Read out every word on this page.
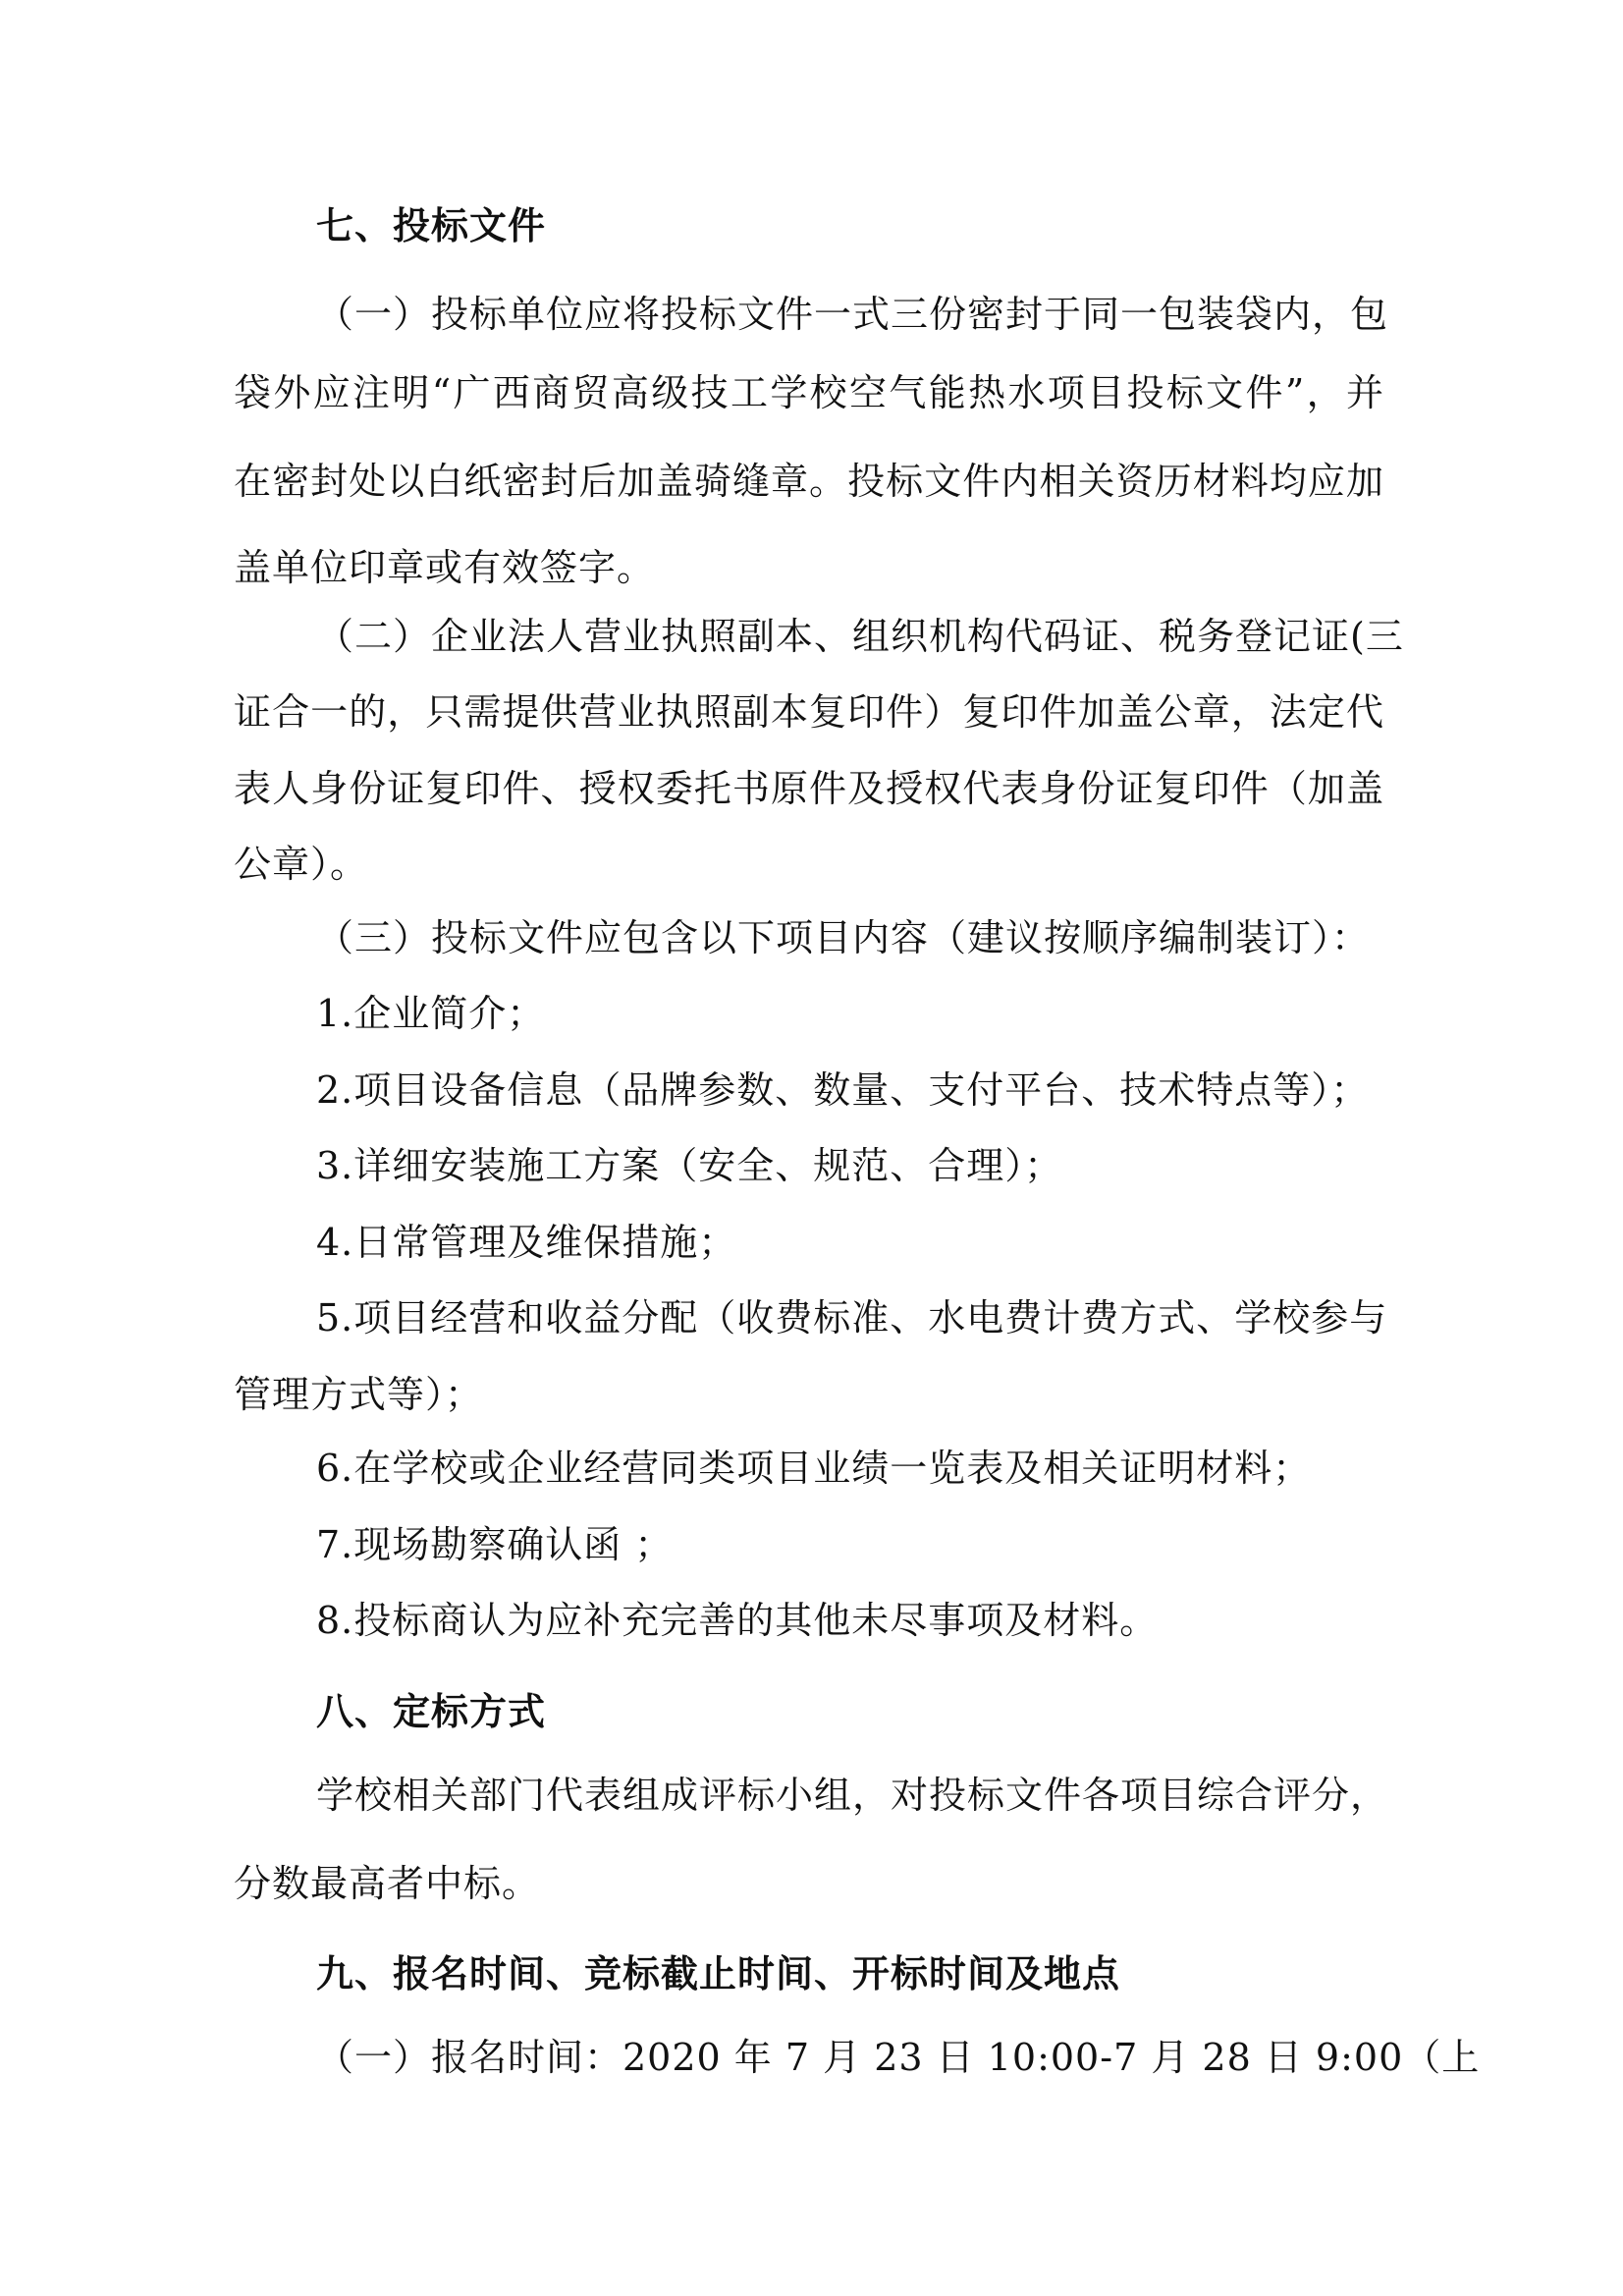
七、投标文件
（一）投标单位应将投标文件一式三份密封于同一包装袋内，包
袋外应注明“广西商贸高级技工学校空气能热水项目投标文件”，并
在密封处以白纸密封后加盖骑缝章。投标文件内相关资历材料均应加
盖单位印章或有效签字。
（二）企业法人营业执照副本、组织机构代码证、税务登记证(三
证合一的，只需提供营业执照副本复印件）复印件加盖公章，法定代
表人身份证复印件、授权委托书原件及授权代表身份证复印件（加盖
公章）。
（三）投标文件应包含以下项目内容（建议按顺序编制装订）：
1.企业简介；
2.项目设备信息（品牌参数、数量、支付平台、技术特点等）；
3.详细安装施工方案（安全、规范、合理）；
4.日常管理及维保措施；
5.项目经营和收益分配（收费标准、水电费计费方式、学校参与
管理方式等）；
6.在学校或企业经营同类项目业绩一览表及相关证明材料；
7.现场勘察确认函 ；
8.投标商认为应补充完善的其他未尽事项及材料。
八、定标方式
学校相关部门代表组成评标小组，对投标文件各项目综合评分，
分数最高者中标。
九、报名时间、竞标截止时间、开标时间及地点
（一）报名时间：2020 年 7 月 23 日 10:00-7 月 28 日 9:00（上
